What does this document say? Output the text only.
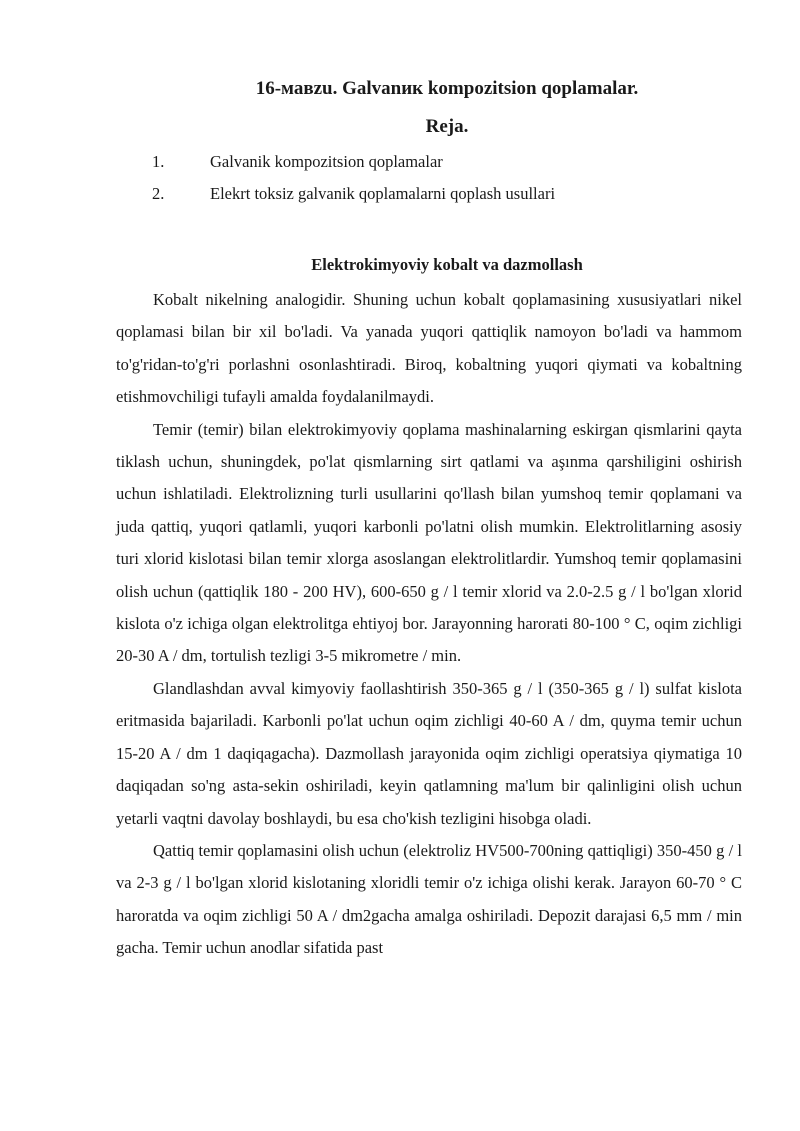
16-мавzu. Galvanик kompozitsion qoplamalar.
Reja.
1.	Galvanik kompozitsion qoplamalar
2.	Elekrt toksiz galvanik qoplamalarni qoplash usullari
Elektrokimyoviy kobalt va dazmollash

Kobalt nikelning analogidir. Shuning uchun kobalt qoplamasining xususiyatlari nikel qoplamasi bilan bir xil bo'ladi. Va yanada yuqori qattiqlik namoyon bo'ladi va hammom to'g'ridan-to'g'ri porlashni osonlashtiradi. Biroq, kobaltning yuqori qiymati va kobaltning etishmovchiligi tufayli amalda foydalanilmaydi.

Temir (temir) bilan elektrokimyoviy qoplama mashinalarning eskirgan qismlarini qayta tiklash uchun, shuningdek, po'lat qismlarning sirt qatlami va aşınma qarshiligini oshirish uchun ishlatiladi. Elektrolizning turli usullarini qo'llash bilan yumshoq temir qoplamani va juda qattiq, yuqori qatlamli, yuqori karbonli po'latni olish mumkin. Elektrolitlarning asosiy turi xlorid kislotasi bilan temir xlorga asoslangan elektrolitlardir. Yumshoq temir qoplamasini olish uchun (qattiqlik 180 - 200 HV), 600-650 g / l temir xlorid va 2.0-2.5 g / l bo'lgan xlorid kislota o'z ichiga olgan elektrolitga ehtiyoj bor. Jarayonning harorati 80-100 ° C, oqim zichligi 20-30 A / dm, tortulish tezligi 3-5 mikrometre / min.

Glandlashdan avval kimyoviy faollashtirish 350-365 g / l (350-365 g / l) sulfat kislota eritmasida bajariladi. Karbonli po'lat uchun oqim zichligi 40-60 A / dm, quyma temir uchun 15-20 A / dm 1 daqiqagacha). Dazmollash jarayonida oqim zichligi operatsiya qiymatiga 10 daqiqadan so'ng asta-sekin oshiriladi, keyin qatlamning ma'lum bir qalinligini olish uchun yetarli vaqtni davolay boshlaydi, bu esa cho'kish tezligini hisobga oladi.

Qattiq temir qoplamasini olish uchun (elektroliz HV500-700ning qattiqligi) 350-450 g / l va 2-3 g / l bo'lgan xlorid kislotaning xloridli temir o'z ichiga olishi kerak. Jarayon 60-70 ° C haroratda va oqim zichligi 50 A / dm2gacha amalga oshiriladi. Depozit darajasi 6,5 mm / min gacha. Temir uchun anodlar sifatida past
